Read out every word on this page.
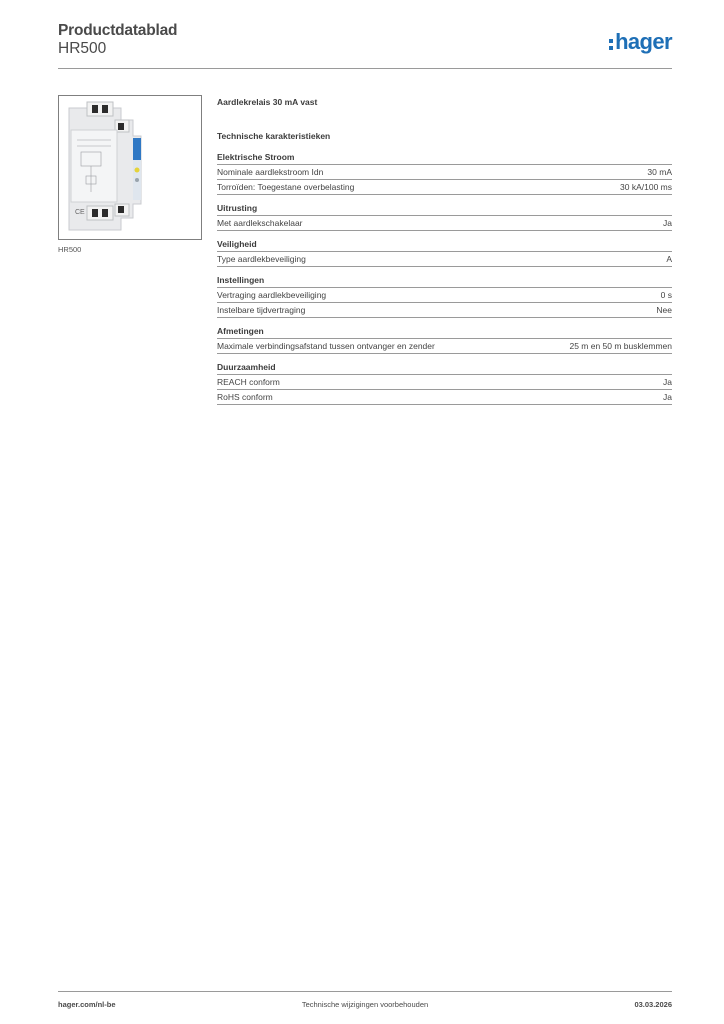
Productdatablad
HR500	hager
CE
HR500
Aardlekrelais 30 mA vast
Technische karakteristieken
Elektrische Stroom
Nominale aardlekstroom Idn	30 mA
Torroïden: Toegestane overbelasting	30 kA/100 ms
Uitrusting
Met aardlekschakelaar	Ja
Veiligheid
Type aardlekbeveiliging	A
Instellingen
Vertraging aardlekbeveiliging	0 s
Instelbare tijdvertraging	Nee
Afmetingen
Maximale verbindingsafstand tussen ontvanger en zender	25 m en 50 m busklemmen
Duurzaamheid
REACH conform	Ja
RoHS conform	Ja
hager.com/nl-be	Technische wijzigingen voorbehouden	03.03.2026
